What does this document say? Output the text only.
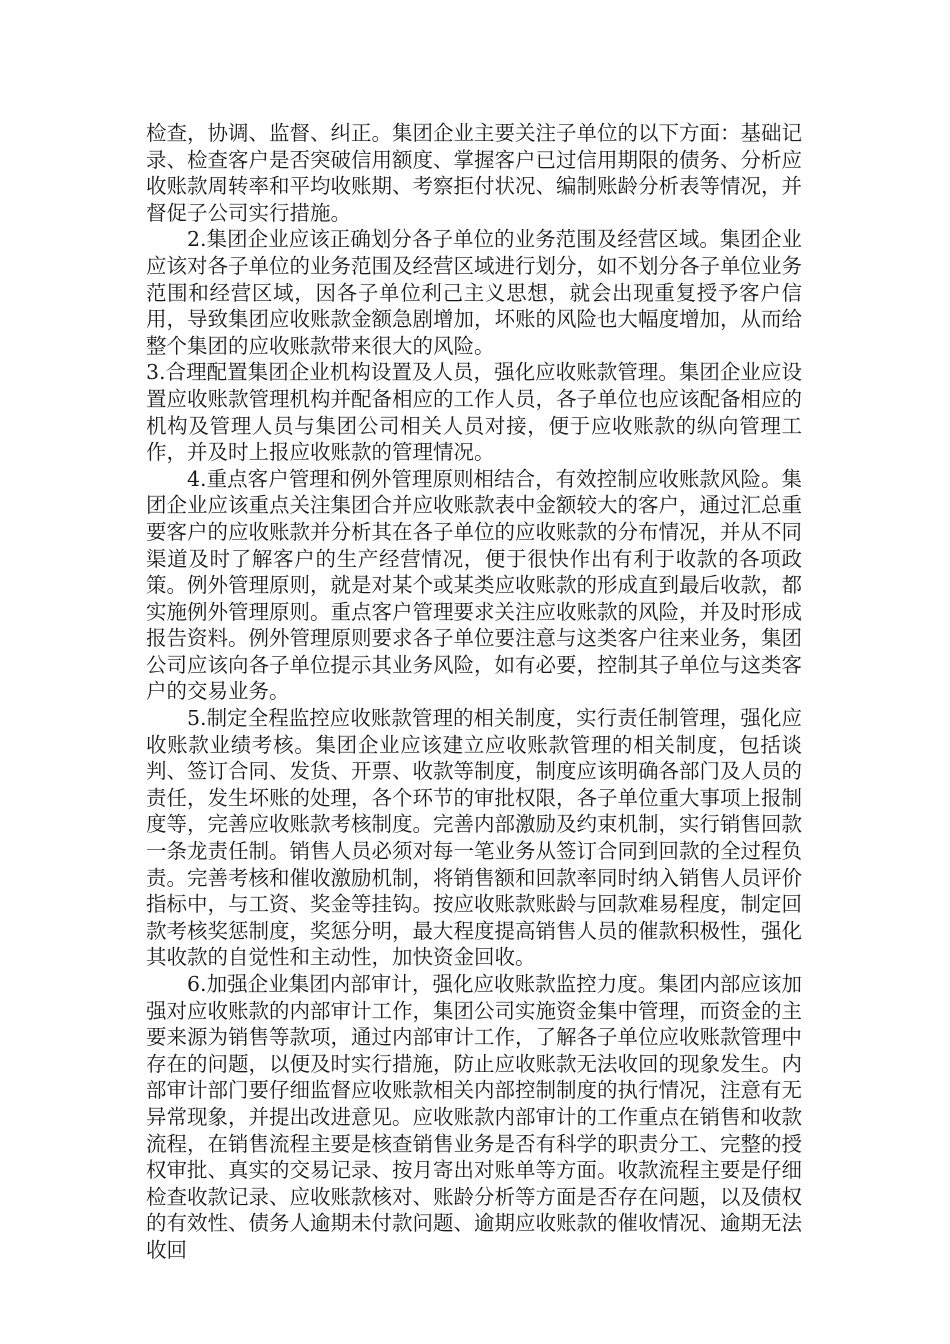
检查，协调、监督、纠正。集团企业主要关注子单位的以下方面：基础记录、检查客户是否突破信用额度、掌握客户已过信用期限的债务、分析应收账款周转率和平均收账期、考察拒付状况、编制账龄分析表等情况，并督促子公司实行措施。

2.集团企业应该正确划分各子单位的业务范围及经营区域。集团企业应该对各子单位的业务范围及经营区域进行划分，如不划分各子单位业务范围和经营区域，因各子单位利己主义思想，就会出现重复授予客户信用，导致集团应收账款金额急剧增加，坏账的风险也大幅度增加，从而给整个集团的应收账款带来很大的风险。

3.合理配置集团企业机构设置及人员，强化应收账款管理。集团企业应设置应收账款管理机构并配备相应的工作人员，各子单位也应该配备相应的机构及管理人员与集团公司相关人员对接，便于应收账款的纵向管理工作，并及时上报应收账款的管理情况。

4.重点客户管理和例外管理原则相结合，有效控制应收账款风险。集团企业应该重点关注集团合并应收账款表中金额较大的客户，通过汇总重要客户的应收账款并分析其在各子单位的应收账款的分布情况，并从不同渠道及时了解客户的生产经营情况，便于很快作出有利于收款的各项政策。例外管理原则，就是对某个或某类应收账款的形成直到最后收款，都实施例外管理原则。重点客户管理要求关注应收账款的风险，并及时形成报告资料。例外管理原则要求各子单位要注意与这类客户往来业务，集团公司应该向各子单位提示其业务风险，如有必要，控制其子单位与这类客户的交易业务。

5.制定全程监控应收账款管理的相关制度，实行责任制管理，强化应收账款业绩考核。集团企业应该建立应收账款管理的相关制度，包括谈判、签订合同、发货、开票、收款等制度，制度应该明确各部门及人员的责任，发生坏账的处理，各个环节的审批权限，各子单位重大事项上报制度等，完善应收账款考核制度。完善内部激励及约束机制，实行销售回款一条龙责任制。销售人员必须对每一笔业务从签订合同到回款的全过程负责。完善考核和催收激励机制，将销售额和回款率同时纳入销售人员评价指标中，与工资、奖金等挂钩。按应收账款账龄与回款难易程度，制定回款考核奖惩制度，奖惩分明，最大程度提高销售人员的催款积极性，强化其收款的自觉性和主动性，加快资金回收。

6.加强企业集团内部审计，强化应收账款监控力度。集团内部应该加强对应收账款的内部审计工作，集团公司实施资金集中管理，而资金的主要来源为销售等款项，通过内部审计工作，了解各子单位应收账款管理中存在的问题，以便及时实行措施，防止应收账款无法收回的现象发生。内部审计部门要仔细监督应收账款相关内部控制制度的执行情况，注意有无异常现象，并提出改进意见。应收账款内部审计的工作重点在销售和收款流程，在销售流程主要是核查销售业务是否有科学的职责分工、完整的授权审批、真实的交易记录、按月寄出对账单等方面。收款流程主要是仔细检查收款记录、应收账款核对、账龄分析等方面是否存在问题，以及债权的有效性、债务人逾期未付款问题、逾期应收账款的催收情况、逾期无法收回
